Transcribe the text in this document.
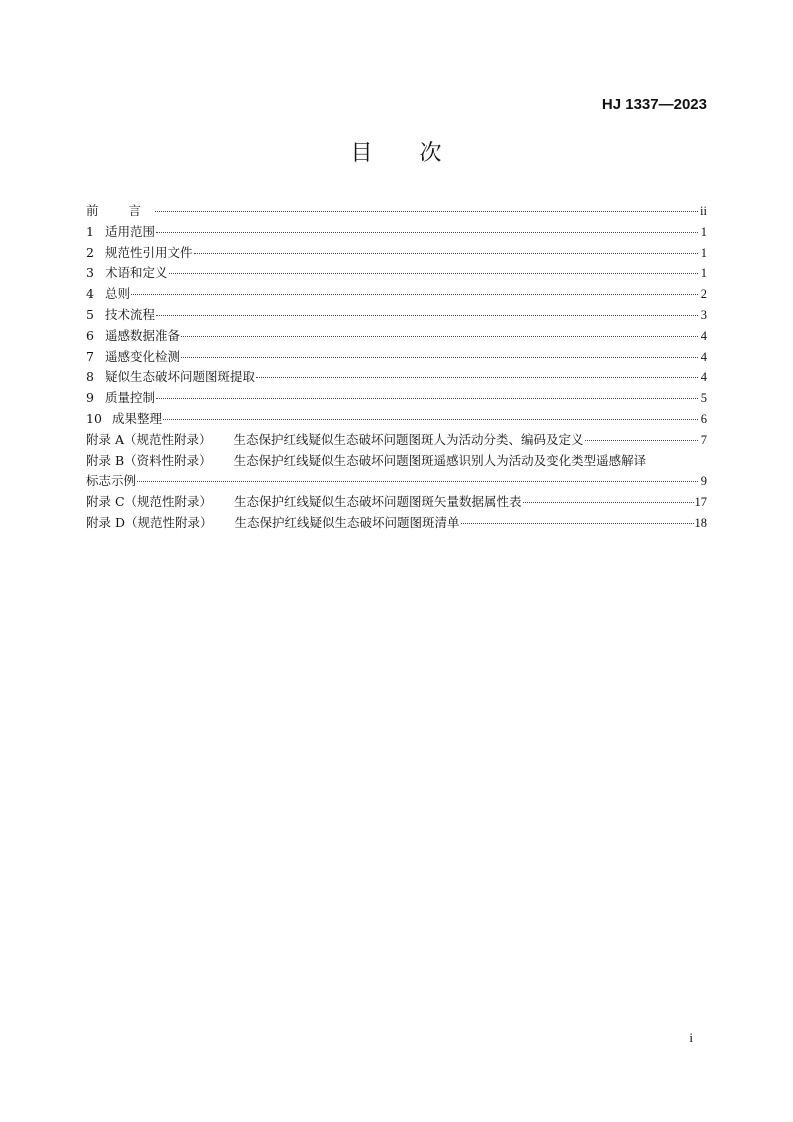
HJ 1337—2023
目 次
前 言	ii
1 适用范围	1
2 规范性引用文件	1
3 术语和定义	1
4 总则	2
5 技术流程	3
6 遥感数据准备	4
7 遥感变化检测	4
8 疑似生态破坏问题图斑提取	4
9 质量控制	5
10 成果整理	6
附录 A（规范性附录） 生态保护红线疑似生态破坏问题图斑人为活动分类、编码及定义	7
附录 B（资料性附录） 生态保护红线疑似生态破坏问题图斑遥感识别人为活动及变化类型遥感解译
标志示例	9
附录 C（规范性附录） 生态保护红线疑似生态破坏问题图斑矢量数据属性表	17
附录 D（规范性附录） 生态保护红线疑似生态破坏问题图斑清单	18
i
